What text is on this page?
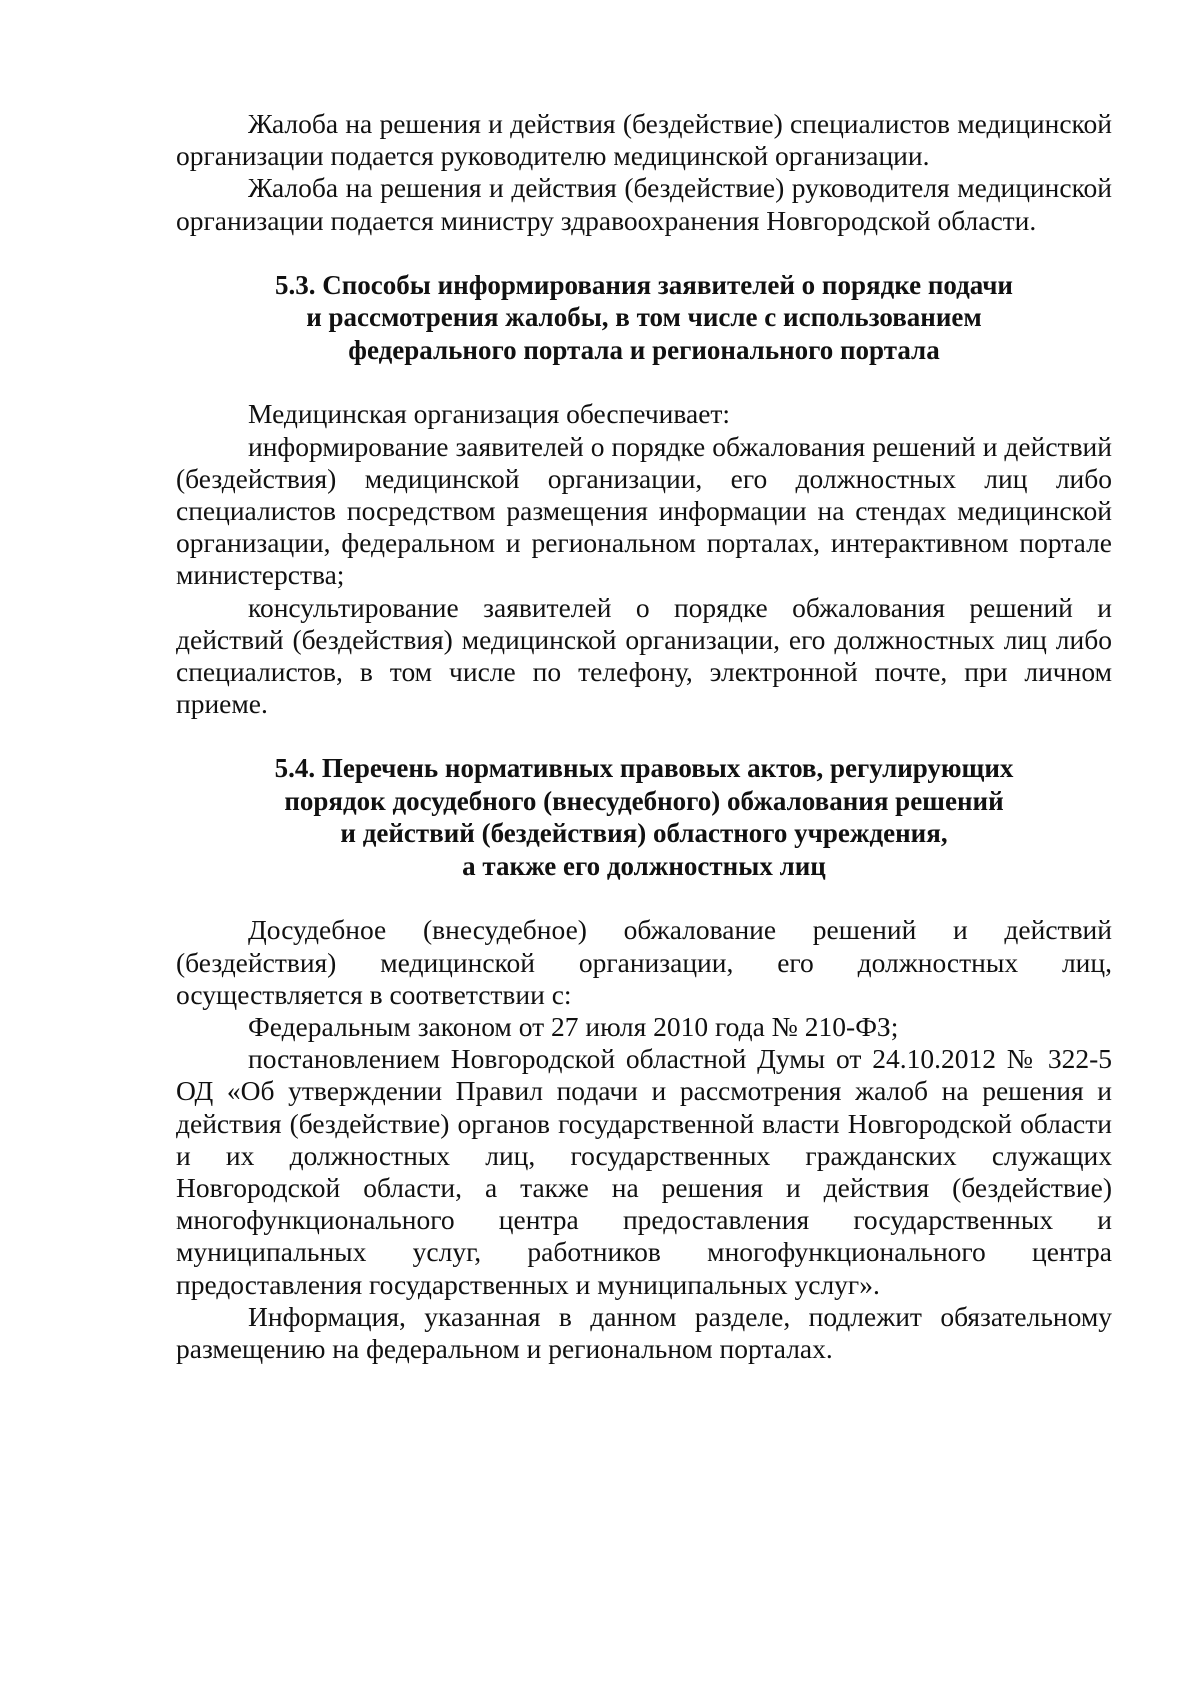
Жалоба на решения и действия (бездействие) специалистов медицинской организации подается руководителю медицинской организации.

Жалоба на решения и действия (бездействие) руководителя медицинской организации подается министру здравоохранения Новгородской области.

5.3. Способы информирования заявителей о порядке подачи
и рассмотрения жалобы, в том числе с использованием
федерального портала и регионального портала

Медицинская организация обеспечивает:

информирование заявителей о порядке обжалования решений и действий (бездействия) медицинской организации, его должностных лиц либо специалистов посредством размещения информации на стендах медицинской организации, федеральном и региональном порталах, интерактивном портале министерства;

консультирование заявителей о порядке обжалования решений и действий (бездействия) медицинской организации, его должностных лиц либо специалистов, в том числе по телефону, электронной почте, при личном приеме.

5.4. Перечень нормативных правовых актов, регулирующих
порядок досудебного (внесудебного) обжалования решений
и действий (бездействия) областного учреждения,
а также его должностных лиц

Досудебное (внесудебное) обжалование решений и действий (бездействия) медицинской организации, его должностных лиц, осуществляется в соответствии с:

Федеральным законом от 27 июля 2010 года № 210-ФЗ;

постановлением Новгородской областной Думы от 24.10.2012 № 322-5 ОД «Об утверждении Правил подачи и рассмотрения жалоб на решения и действия (бездействие) органов государственной власти Новгородской области и их должностных лиц, государственных гражданских служащих Новгородской области, а также на решения и действия (бездействие) многофункционального центра предоставления государственных и муниципальных услуг, работников многофункционального центра предоставления государственных и муниципальных услуг».

Информация, указанная в данном разделе, подлежит обязательному размещению на федеральном и региональном порталах.
